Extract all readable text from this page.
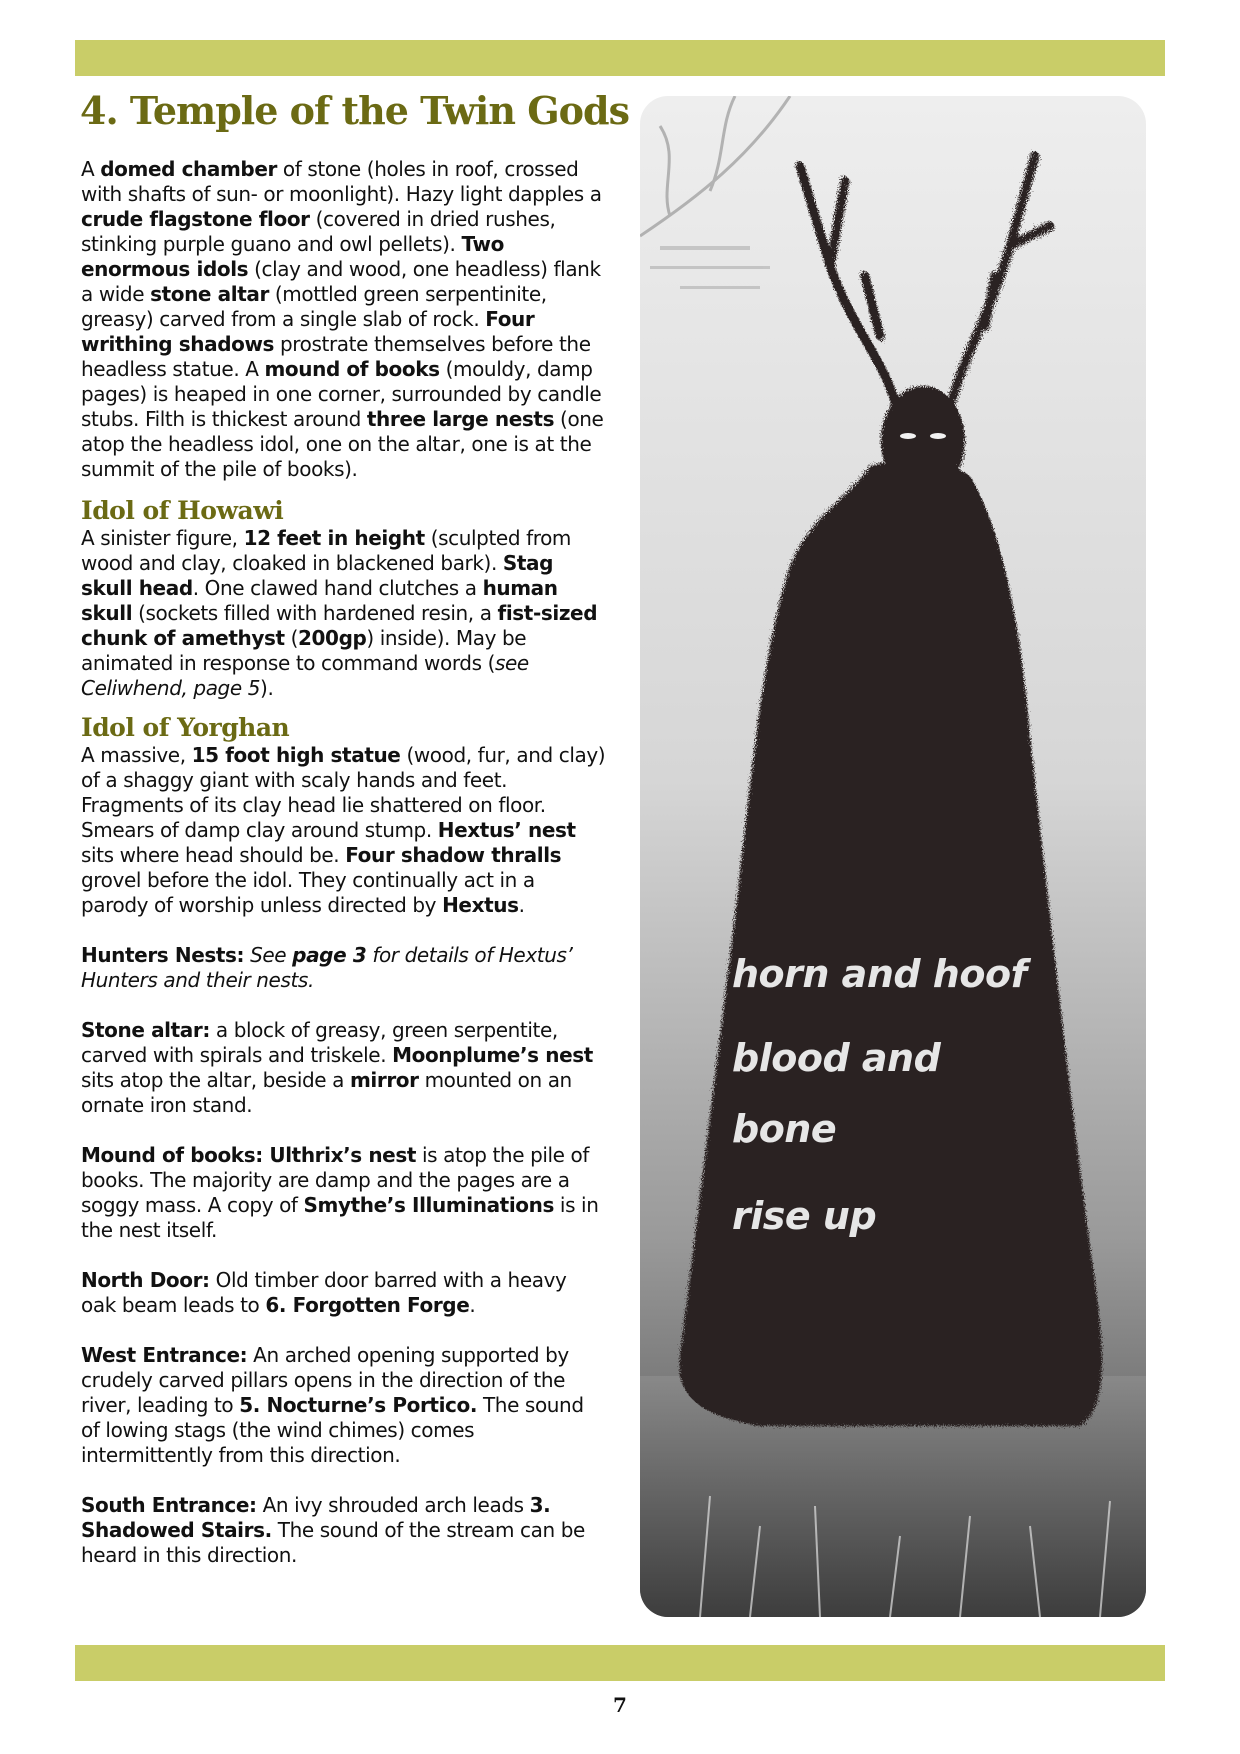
4. Temple of the Twin Gods

A domed chamber of stone (holes in roof, crossed with shafts of sun- or moonlight). Hazy light dapples a crude flagstone floor (covered in dried rushes, stinking purple guano and owl pellets). Two enormous idols (clay and wood, one headless) flank a wide stone altar (mottled green serpentinite, greasy) carved from a single slab of rock. Four writhing shadows prostrate themselves before the headless statue. A mound of books (mouldy, damp pages) is heaped in one corner, surrounded by candle stubs. Filth is thickest around three large nests (one atop the headless idol, one on the altar, one is at the summit of the pile of books).

Idol of Howawi

A sinister figure, 12 feet in height (sculpted from wood and clay, cloaked in blackened bark). Stag skull head. One clawed hand clutches a human skull (sockets filled with hardened resin, a fist-sized chunk of amethyst (200gp) inside). May be animated in response to command words (see Celiwhend, page 5).

Idol of Yorghan

A massive, 15 foot high statue (wood, fur, and clay) of a shaggy giant with scaly hands and feet. Fragments of its clay head lie shattered on floor. Smears of damp clay around stump. Hextus’ nest sits where head should be. Four shadow thralls grovel before the idol. They continually act in a parody of worship unless directed by Hextus.

Hunters Nests: See page 3 for details of Hextus’ Hunters and their nests.

Stone altar: a block of greasy, green serpentite, carved with spirals and triskele. Moonplume’s nest sits atop the altar, beside a mirror mounted on an ornate iron stand.

Mound of books: Ulthrix’s nest is atop the pile of books. The majority are damp and the pages are a soggy mass. A copy of Smythe’s Illuminations is in the nest itself.

North Door: Old timber door barred with a heavy oak beam leads to 6. Forgotten Forge.

West Entrance: An arched opening supported by crudely carved pillars opens in the direction of the river, leading to 5. Nocturne’s Portico. The sound of lowing stags (the wind chimes) comes intermittently from this direction.

South Entrance: An ivy shrouded arch leads 3. Shadowed Stairs. The sound of the stream can be heard in this direction.

horn and hoof

blood and

bone

rise up

7
